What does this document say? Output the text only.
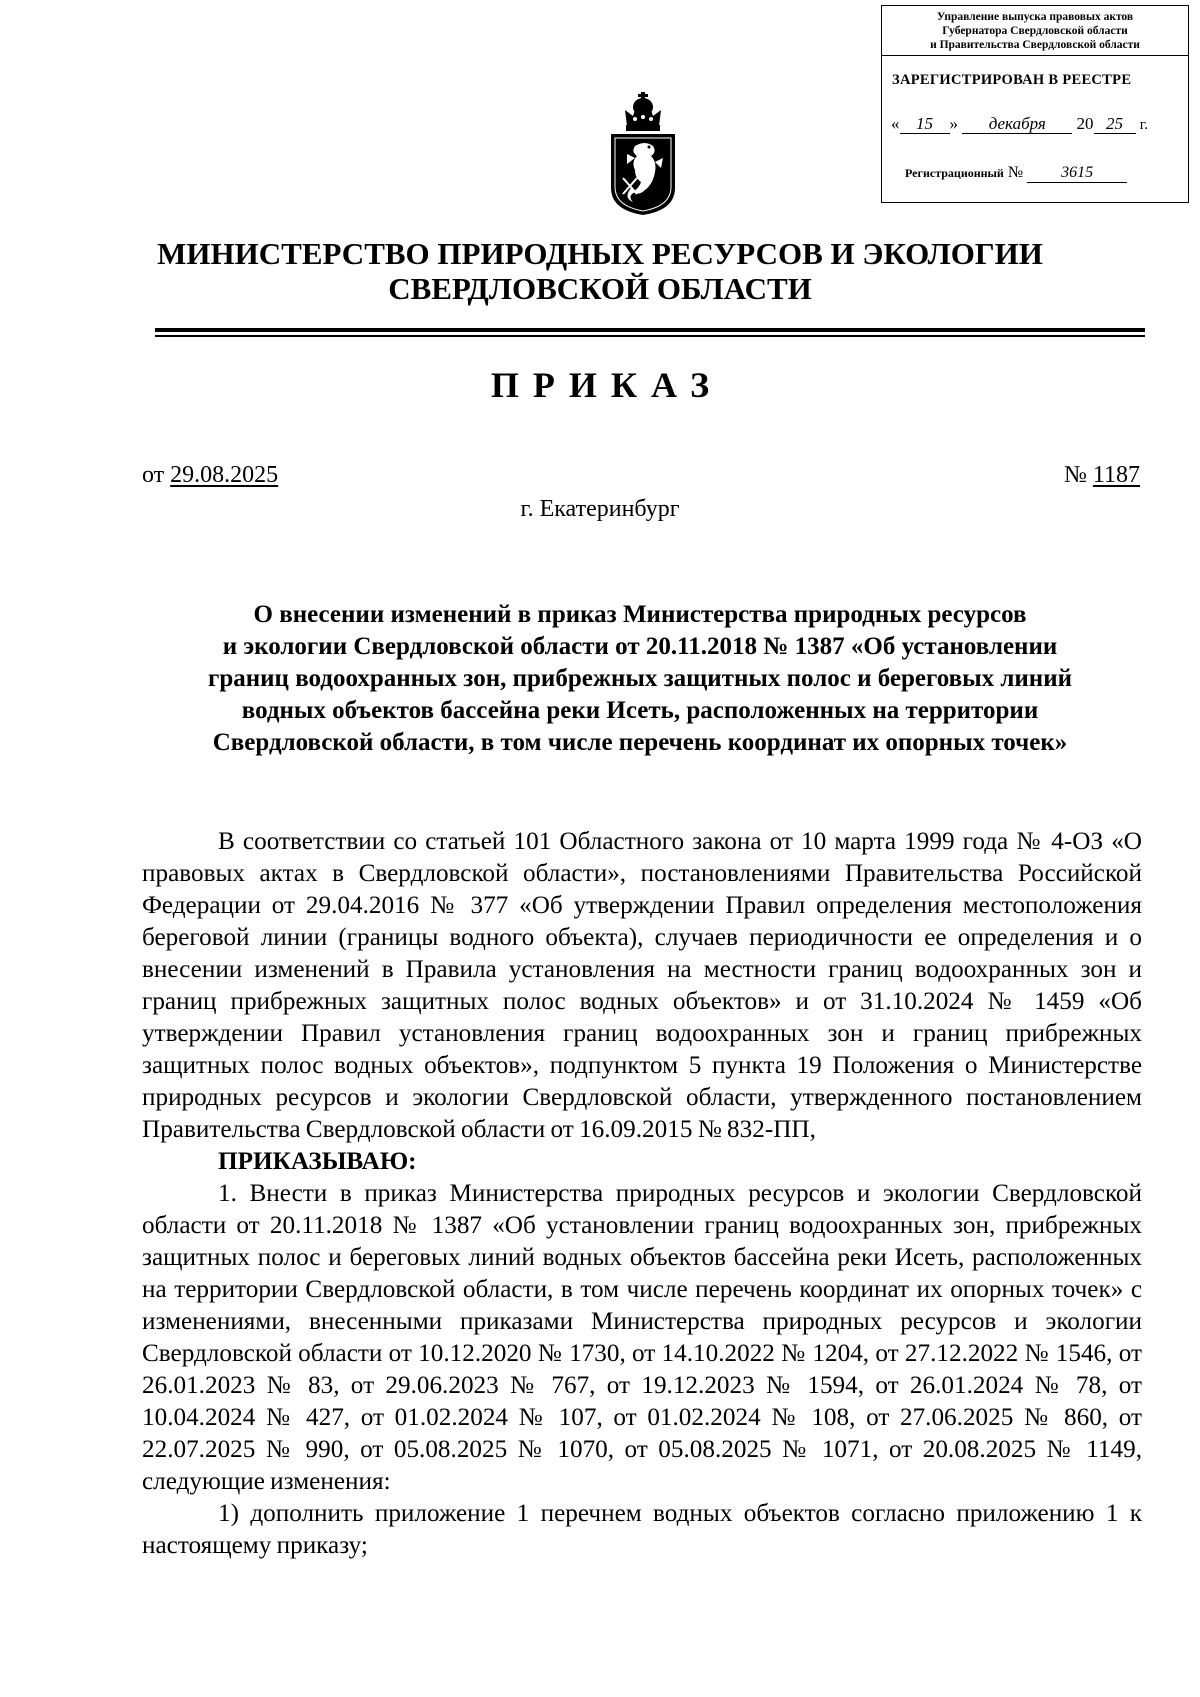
Управление выпуска правовых актов
Губернатора Свердловской области
и Правительства Свердловской области
ЗАРЕГИСТРИРОВАН В РЕЕСТРЕ
« 15 » декабря 20 25 г.
Регистрационный № 3615
МИНИСТЕРСТВО ПРИРОДНЫХ РЕСУРСОВ И ЭКОЛОГИИ
СВЕРДЛОВСКОЙ ОБЛАСТИ
ПРИКАЗ
от 29.08.2025	№ 1187
г. Екатеринбург
О внесении изменений в приказ Министерства природных ресурсов
и экологии Свердловской области от 20.11.2018 № 1387 «Об установлении
границ водоохранных зон, прибрежных защитных полос и береговых линий
водных объектов бассейна реки Исеть, расположенных на территории
Свердловской области, в том числе перечень координат их опорных точек»

В соответствии со статьей 101 Областного закона от 10 марта 1999 года № 4-ОЗ «О правовых актах в Свердловской области», постановлениями Правительства Российской Федерации от 29.04.2016 № 377 «Об утверждении Правил определения местоположения береговой линии (границы водного объекта), случаев периодичности ее определения и о внесении изменений в Правила установления на местности границ водоохранных зон и границ прибрежных защитных полос водных объектов» и от 31.10.2024 № 1459 «Об утверждении Правил установления границ водоохранных зон и границ прибрежных защитных полос водных объектов», подпунктом 5 пункта 19 Положения о Министерстве природных ресурсов и экологии Свердловской области, утвержденного постановлением Правительства Свердловской области от 16.09.2015 № 832-ПП,

ПРИКАЗЫВАЮ:

1. Внести в приказ Министерства природных ресурсов и экологии Свердловской области от 20.11.2018 № 1387 «Об установлении границ водоохранных зон, прибрежных защитных полос и береговых линий водных объектов бассейна реки Исеть, расположенных на территории Свердловской области, в том числе перечень координат их опорных точек» с изменениями, внесенными приказами Министерства природных ресурсов и экологии Свердловской области от 10.12.2020 № 1730, от 14.10.2022 № 1204, от 27.12.2022 № 1546, от 26.01.2023 № 83, от 29.06.2023 № 767, от 19.12.2023 № 1594, от 26.01.2024 № 78, от 10.04.2024 № 427, от 01.02.2024 № 107, от 01.02.2024 № 108, от 27.06.2025 № 860, от 22.07.2025 № 990, от 05.08.2025 № 1070, от 05.08.2025 № 1071, от 20.08.2025 № 1149, следующие изменения:

1) дополнить приложение 1 перечнем водных объектов согласно приложению 1 к настоящему приказу;
